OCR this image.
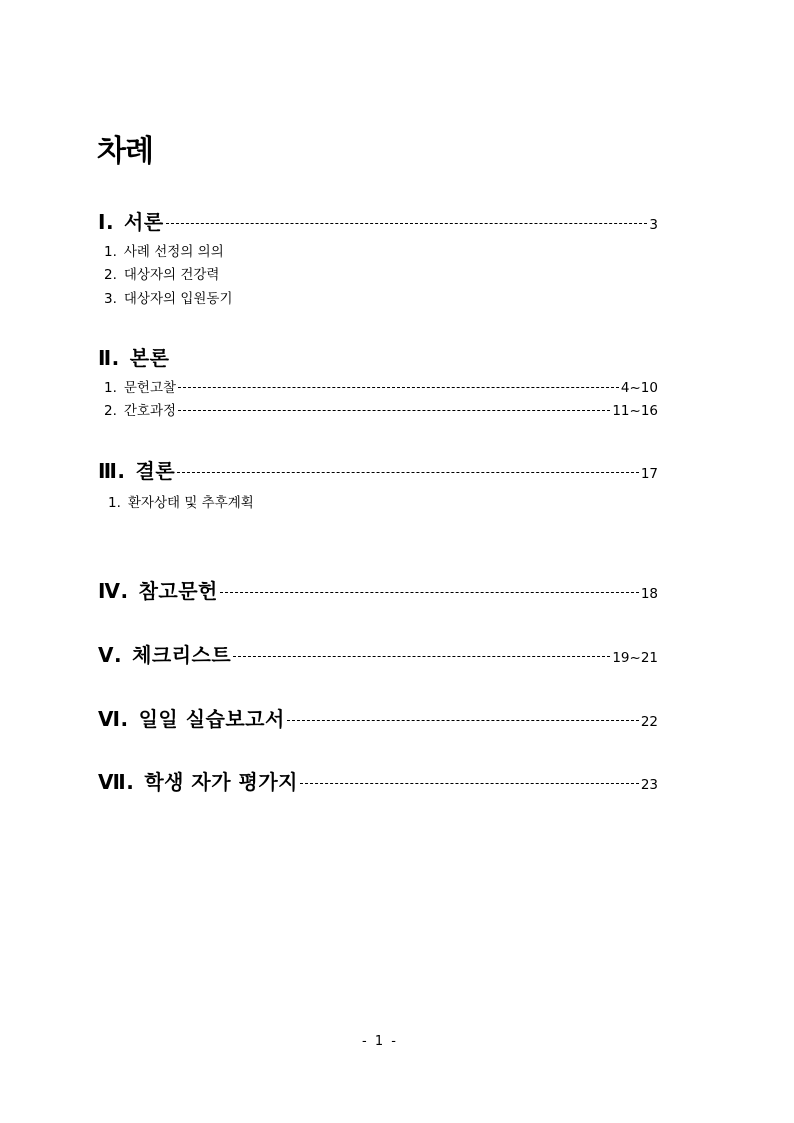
차례
Ⅰ. 서론	3
1. 사례 선정의 의의
2. 대상자의 건강력
3. 대상자의 입원동기
Ⅱ. 본론
1. 문헌고찰	4~10
2. 간호과정	11~16
Ⅲ. 결론	17
1. 환자상태 및 추후계획
Ⅳ. 참고문헌	18
Ⅴ. 체크리스트	19~21
Ⅵ. 일일 실습보고서	22
Ⅶ. 학생 자가 평가지	23
- 1 -
